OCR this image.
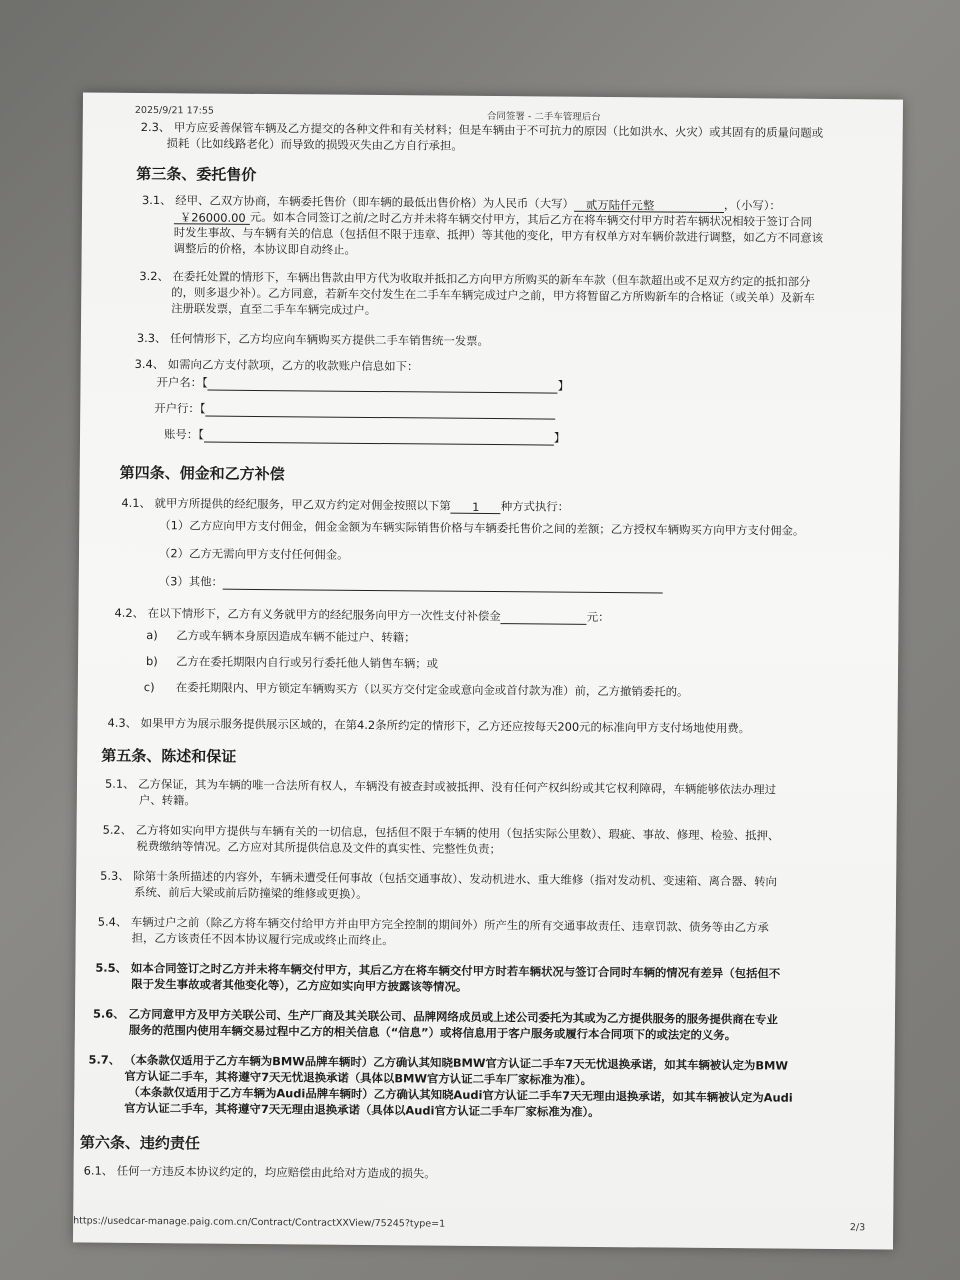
2025/9/21 17:55
合同签署 - 二手车管理后台
2.3、 甲方应妥善保管车辆及乙方提交的各种文件和有关材料；但是车辆由于不可抗力的原因（比如洪水、火灾）或其固有的质量问题或
损耗（比如线路老化）而导致的损毁灭失由乙方自行承担。
第三条、委托售价
3.1、 经甲、乙双方协商，车辆委托售价（即车辆的最低出售价格）为人民币（大写） 贰万陆仟元整	，（小写）：
￥26000.00 元。如本合同签订之前/之时乙方并未将车辆交付甲方，其后乙方在将车辆交付甲方时若车辆状况相较于签订合同
时发生事故、与车辆有关的信息（包括但不限于违章、抵押）等其他的变化，甲方有权单方对车辆价款进行调整，如乙方不同意该
调整后的价格，本协议即自动终止。
3.2、 在委托处置的情形下，车辆出售款由甲方代为收取并抵扣乙方向甲方所购买的新车车款（但车款超出或不足双方约定的抵扣部分
的，则多退少补）。乙方同意，若新车交付发生在二手车车辆完成过户之前，甲方将暂留乙方所购新车的合格证（或关单）及新车
注册联发票，直至二手车车辆完成过户。
3.3、 任何情形下，乙方均应向车辆购买方提供二手车销售统一发票。
3.4、 如需向乙方支付款项，乙方的收款账户信息如下：
开户名：【	】
开户行：【
账号：【	】
第四条、佣金和乙方补偿
4.1、 就甲方所提供的经纪服务，甲乙双方约定对佣金按照以下第 1 种方式执行：
（1）乙方应向甲方支付佣金，佣金金额为车辆实际销售价格与车辆委托售价之间的差额；乙方授权车辆购买方向甲方支付佣金。
（2）乙方无需向甲方支付任何佣金。
（3）其他：
4.2、 在以下情形下，乙方有义务就甲方的经纪服务向甲方一次性支付补偿金	元：
a) 乙方或车辆本身原因造成车辆不能过户、转籍；
b) 乙方在委托期限内自行或另行委托他人销售车辆；或
c) 在委托期限内、甲方锁定车辆购买方（以买方交付定金或意向金或首付款为准）前，乙方撤销委托的。
4.3、 如果甲方为展示服务提供展示区域的，在第4.2条所约定的情形下，乙方还应按每天200元的标准向甲方支付场地使用费。
第五条、陈述和保证
5.1、 乙方保证，其为车辆的唯一合法所有权人，车辆没有被查封或被抵押、没有任何产权纠纷或其它权利障碍，车辆能够依法办理过
户、转籍。
5.2、 乙方将如实向甲方提供与车辆有关的一切信息，包括但不限于车辆的使用（包括实际公里数）、瑕疵、事故、修理、检验、抵押、
税费缴纳等情况。乙方应对其所提供信息及文件的真实性、完整性负责；
5.3、 除第十条所描述的内容外，车辆未遭受任何事故（包括交通事故）、发动机进水、重大维修（指对发动机、变速箱、离合器、转向
系统、前后大梁或前后防撞梁的维修或更换）。
5.4、 车辆过户之前（除乙方将车辆交付给甲方并由甲方完全控制的期间外）所产生的所有交通事故责任、违章罚款、债务等由乙方承
担，乙方该责任不因本协议履行完成或终止而终止。
5.5、 如本合同签订之时乙方并未将车辆交付甲方，其后乙方在将车辆交付甲方时若车辆状况与签订合同时车辆的情况有差异（包括但不
限于发生事故或者其他变化等），乙方应如实向甲方披露该等情况。
5.6、 乙方同意甲方及甲方关联公司、生产厂商及其关联公司、品牌网络成员或上述公司委托为其或为乙方提供服务的服务提供商在专业
服务的范围内使用车辆交易过程中乙方的相关信息（“信息”）或将信息用于客户服务或履行本合同项下的或法定的义务。
5.7、 （本条款仅适用于乙方车辆为BMW品牌车辆时）乙方确认其知晓BMW官方认证二手车7天无忧退换承诺，如其车辆被认定为BMW
官方认证二手车，其将遵守7天无忧退换承诺（具体以BMW官方认证二手车厂家标准为准）。
（本条款仅适用于乙方车辆为Audi品牌车辆时）乙方确认其知晓Audi官方认证二手车7天无理由退换承诺，如其车辆被认定为Audi
官方认证二手车，其将遵守7天无理由退换承诺（具体以Audi官方认证二手车厂家标准为准）。
第六条、违约责任
6.1、 任何一方违反本协议约定的，均应赔偿由此给对方造成的损失。
https://usedcar-manage.paig.com.cn/Contract/ContractXXView/75245?type=1	2/3
